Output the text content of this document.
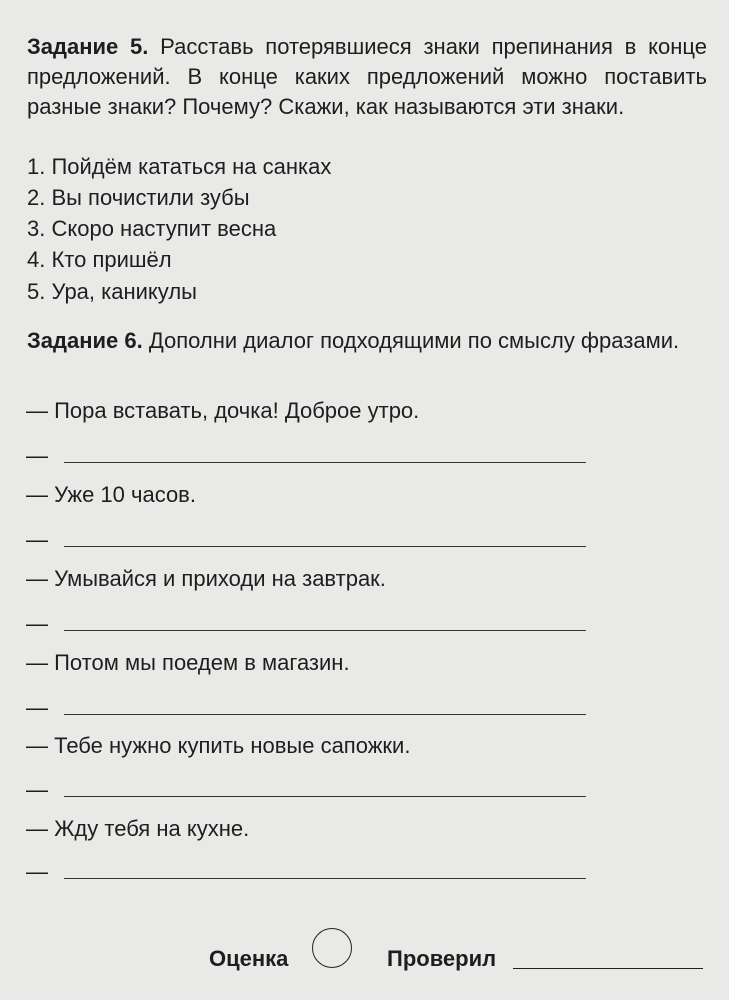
Задание 5. Расставь потерявшиеся знаки препинания в конце предложений. В конце каких предложений можно поставить разные знаки? Почему? Скажи, как называются эти знаки.
1. Пойдём кататься на санках
2. Вы почистили зубы
3. Скоро наступит весна
4. Кто пришёл
5. Ура, каникулы
Задание 6. Дополни диалог подходящими по смыслу фразами.
— Пора вставать, дочка! Доброе утро.
—
— Уже 10 часов.
—
— Умывайся и приходи на завтрак.
—
— Потом мы поедем в магазин.
—
— Тебе нужно купить новые сапожки.
—
— Жду тебя на кухне.
—
Оценка	Проверил
